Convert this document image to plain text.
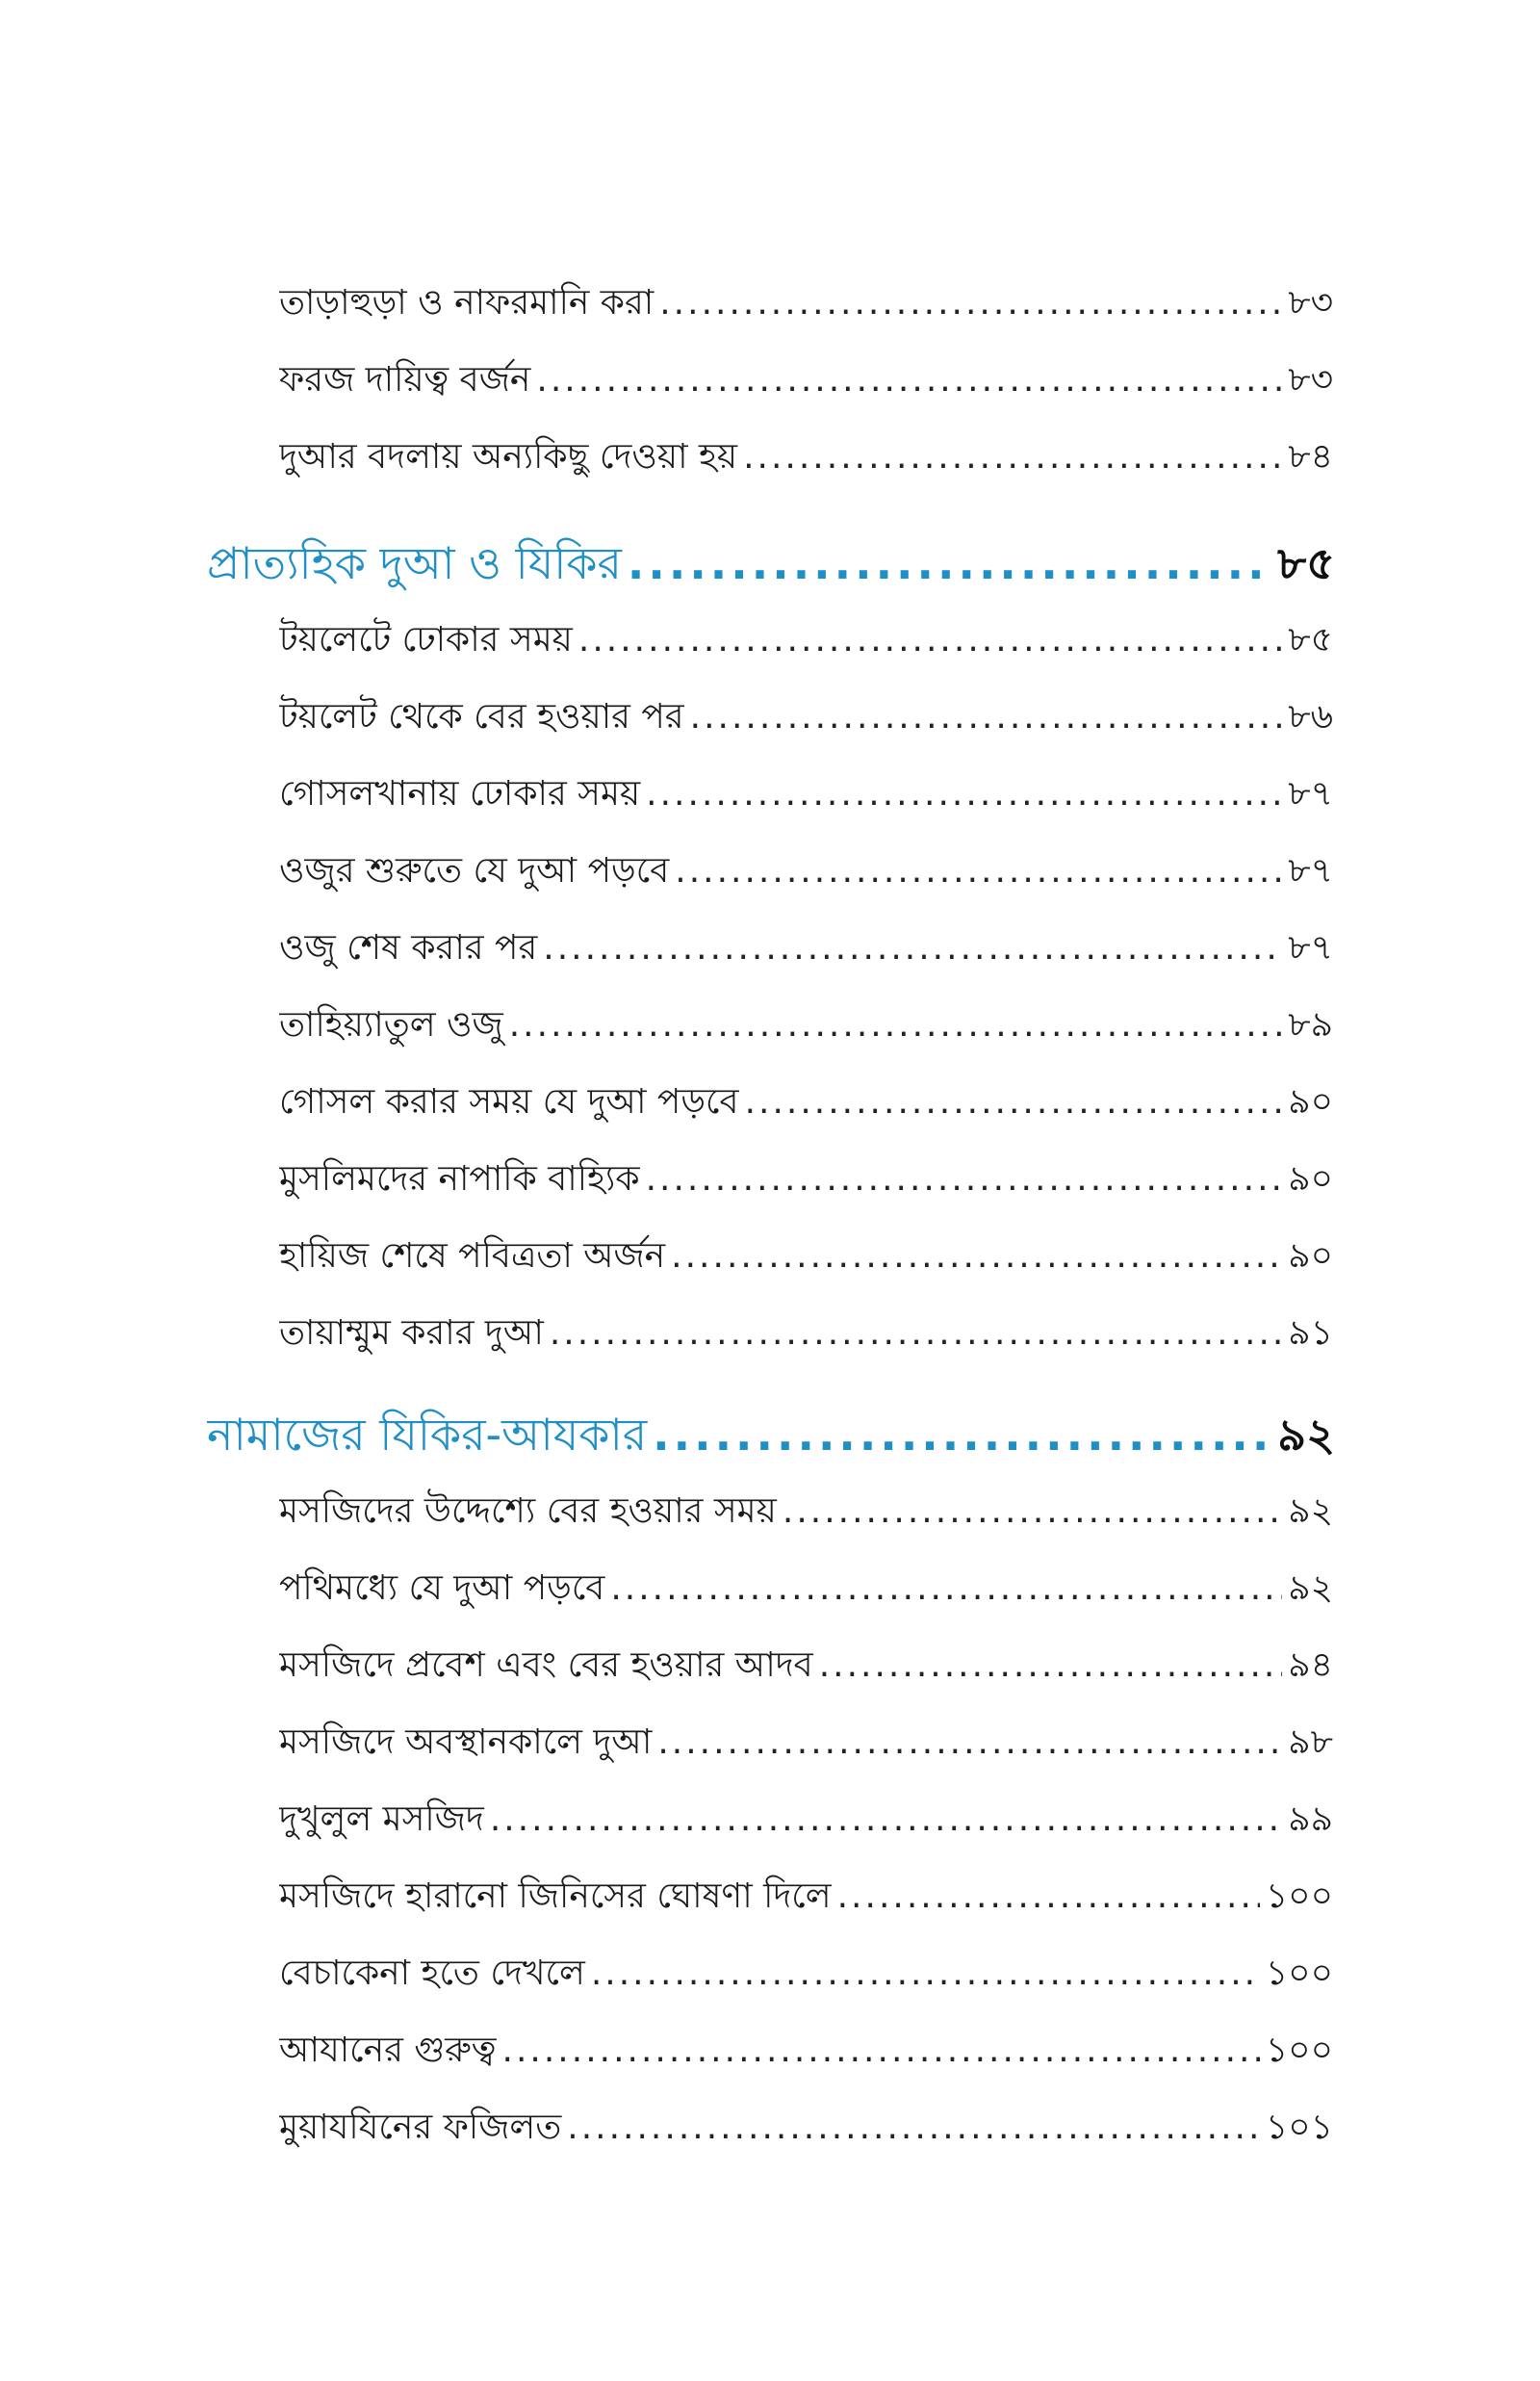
তাড়াহুড়া ও নাফরমানি করা .....	৮৩
ফরজ দায়িত্ব বর্জন .....	৮৩
দুআর বদলায় অন্যকিছু দেওয়া হয় .....	৮৪
প্রাত্যহিক দুআ ও যিকির .....	৮৫
টয়লেটে ঢোকার সময় .....	৮৫
টয়লেট থেকে বের হওয়ার পর .....	৮৬
গোসলখানায় ঢোকার সময় .....	৮৭
ওজুর শুরুতে যে দুআ পড়বে .....	৮৭
ওজু শেষ করার পর .....	৮৭
তাহিয়্যাতুল ওজু .....	৮৯
গোসল করার সময় যে দুআ পড়বে .....	৯০
মুসলিমদের নাপাকি বাহ্যিক .....	৯০
হায়িজ শেষে পবিত্রতা অর্জন .....	৯০
তায়াম্মুম করার দুআ .....	৯১
নামাজের যিকির-আযকার .....	৯২
মসজিদের উদ্দেশ্যে বের হওয়ার সময় .....	৯২
পথিমধ্যে যে দুআ পড়বে .....	৯২
মসজিদে প্রবেশ এবং বের হওয়ার আদব .....	৯৪
মসজিদে অবস্থানকালে দুআ .....	৯৮
দুখুলুল মসজিদ .....	৯৯
মসজিদে হারানো জিনিসের ঘোষণা দিলে .....	১০০
বেচাকেনা হতে দেখলে .....	১০০
আযানের গুরুত্ব .....	১০০
মুয়াযযিনের ফজিলত .....	১০১
